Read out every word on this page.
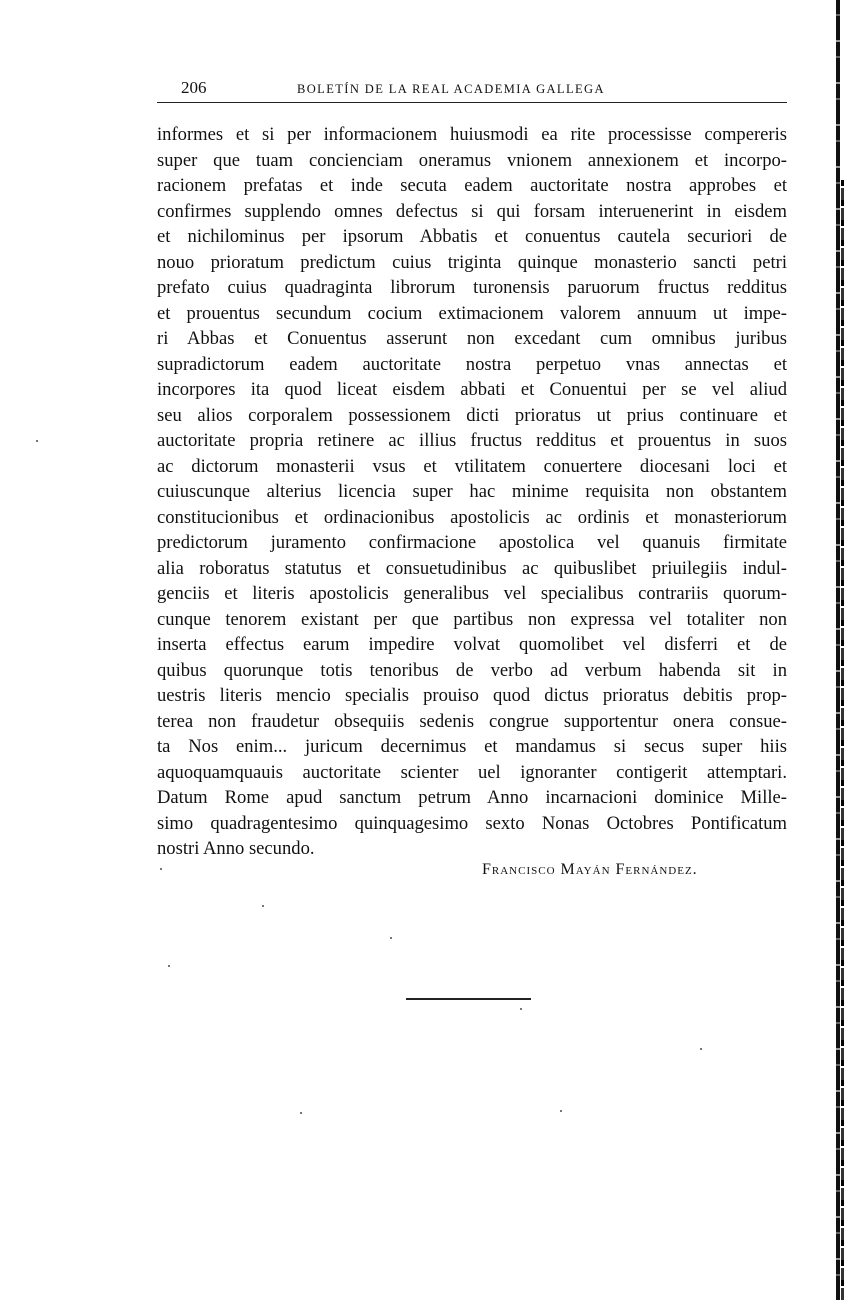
206	BOLETÍN DE LA REAL ACADEMIA GALLEGA
informes et si per informacionem huiusmodi ea rite processisse compereris
super que tuam concienciam oneramus vnionem annexionem et incorpo-
racionem prefatas et inde secuta eadem auctoritate nostra approbes et
confirmes supplendo omnes defectus si qui forsam interuenerint in eisdem
et nichilominus per ipsorum Abbatis et conuentus cautela securiori de
nouo prioratum predictum cuius triginta quinque monasterio sancti petri
prefato cuius quadraginta librorum turonensis paruorum fructus redditus
et prouentus secundum cocium extimacionem valorem annuum ut impe-
ri Abbas et Conuentus asserunt non excedant cum omnibus juribus
supradictorum eadem auctoritate nostra perpetuo vnas annectas et
incorpores ita quod liceat eisdem abbati et Conuentui per se vel aliud
seu alios corporalem possessionem dicti prioratus ut prius continuare et
auctoritate propria retinere ac illius fructus redditus et prouentus in suos
ac dictorum monasterii vsus et vtilitatem conuertere diocesani loci et
cuiuscunque alterius licencia super hac minime requisita non obstantem
constitucionibus et ordinacionibus apostolicis ac ordinis et monasteriorum
predictorum juramento confirmacione apostolica vel quanuis firmitate
alia roboratus statutus et consuetudinibus ac quibuslibet priuilegiis indul-
genciis et literis apostolicis generalibus vel specialibus contrariis quorum-
cunque tenorem existant per que partibus non expressa vel totaliter non
inserta effectus earum impedire volvat quomolibet vel disferri et de
quibus quorunque totis tenoribus de verbo ad verbum habenda sit in
uestris literis mencio specialis prouiso quod dictus prioratus debitis prop-
terea non fraudetur obsequiis sedenis congrue supportentur onera consue-
ta Nos enim... juricum decernimus et mandamus si secus super hiis
aquoquamquauis auctoritate scienter uel ignoranter contigerit attemptari.
Datum Rome apud sanctum petrum Anno incarnacioni dominice Mille-
simo quadragentesimo quinquagesimo sexto Nonas Octobres Pontificatum
nostri Anno secundo.
Francisco Mayán Fernández.
